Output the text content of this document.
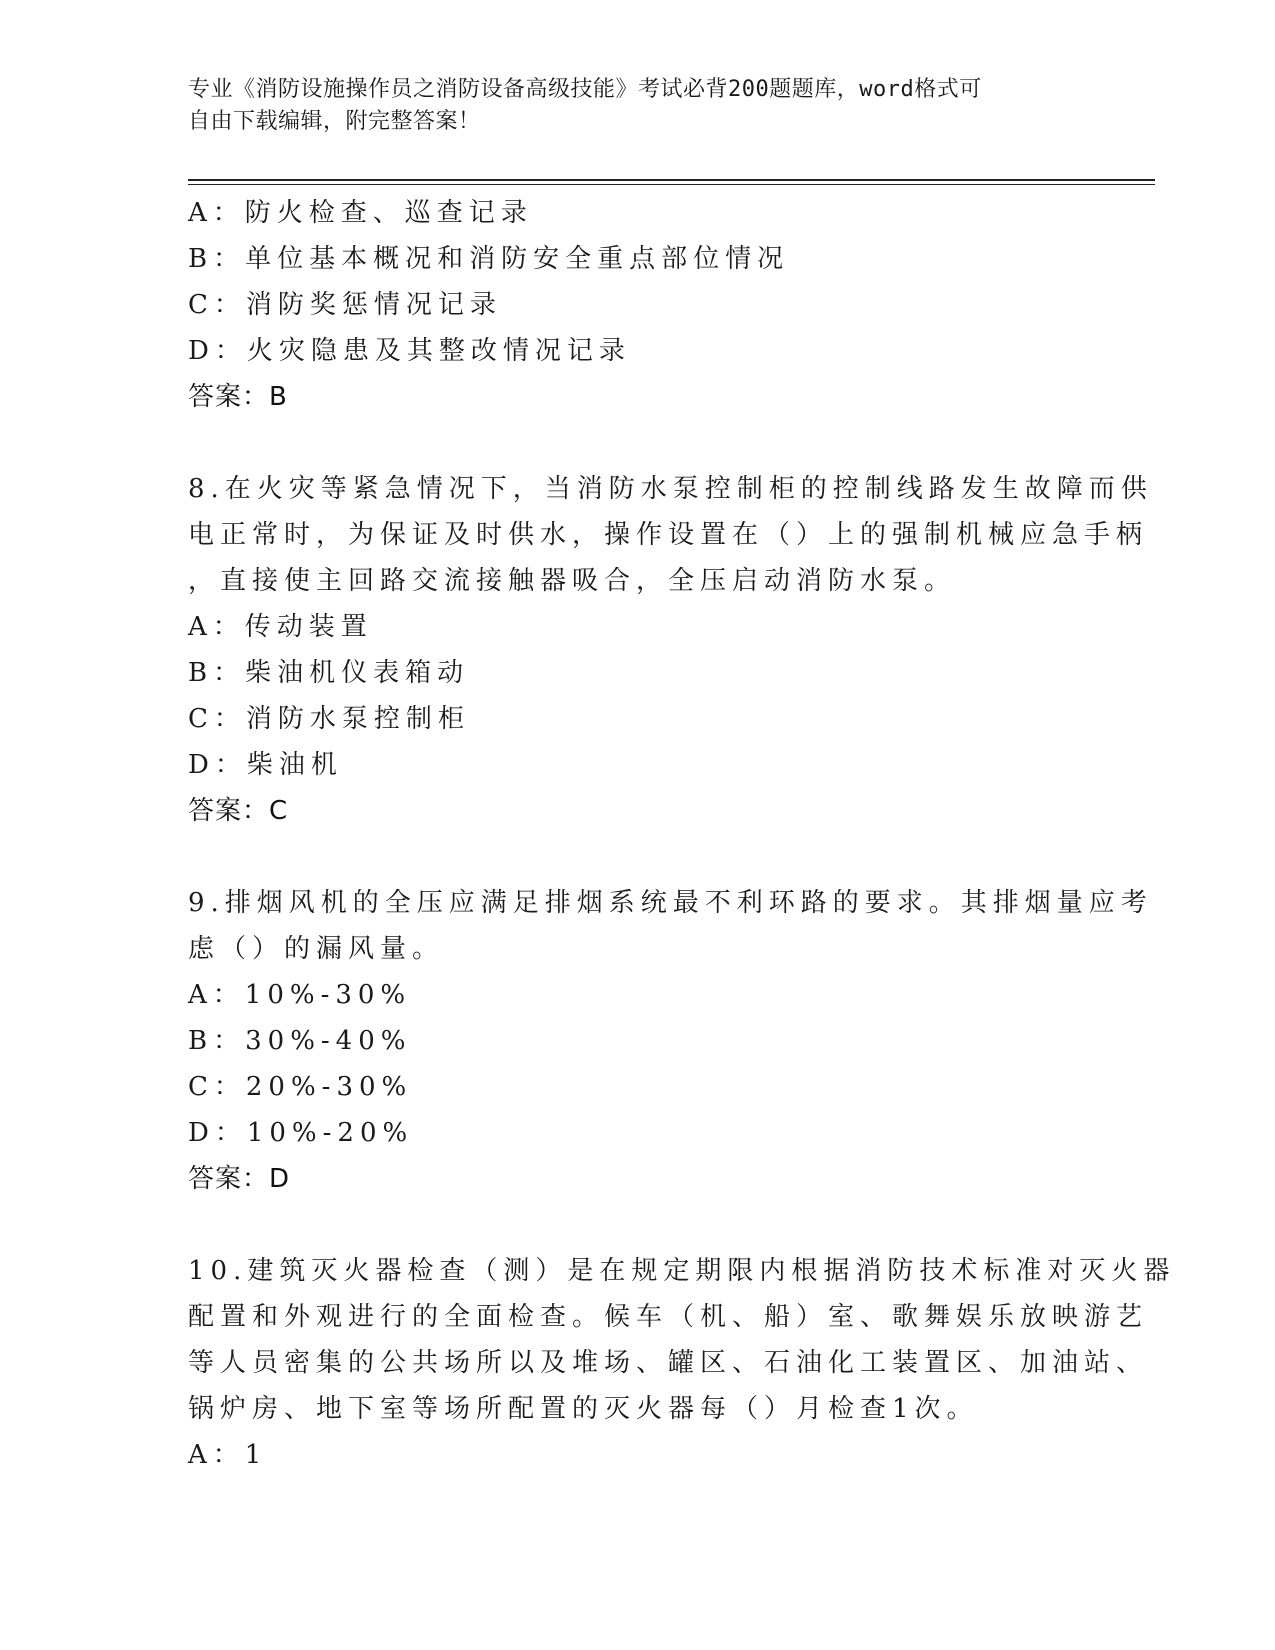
专业《消防设施操作员之消防设备高级技能》考试必背200题题库，word格式可
自由下载编辑，附完整答案！
A：防火检查、巡查记录
B：单位基本概况和消防安全重点部位情况
C：消防奖惩情况记录
D：火灾隐患及其整改情况记录
答案：B
8.在火灾等紧急情况下，当消防水泵控制柜的控制线路发生故障而供
电正常时，为保证及时供水，操作设置在（）上的强制机械应急手柄
，直接使主回路交流接触器吸合，全压启动消防水泵。
A：传动装置
B：柴油机仪表箱动
C：消防水泵控制柜
D：柴油机
答案：C
9.排烟风机的全压应满足排烟系统最不利环路的要求。其排烟量应考
虑（）的漏风量。
A：10%-30%
B：30%-40%
C：20%-30%
D：10%-20%
答案：D
10.建筑灭火器检查（测）是在规定期限内根据消防技术标准对灭火器
配置和外观进行的全面检查。候车（机、船）室、歌舞娱乐放映游艺
等人员密集的公共场所以及堆场、罐区、石油化工装置区、加油站、
锅炉房、地下室等场所配置的灭火器每（）月检查1次。
A：1
